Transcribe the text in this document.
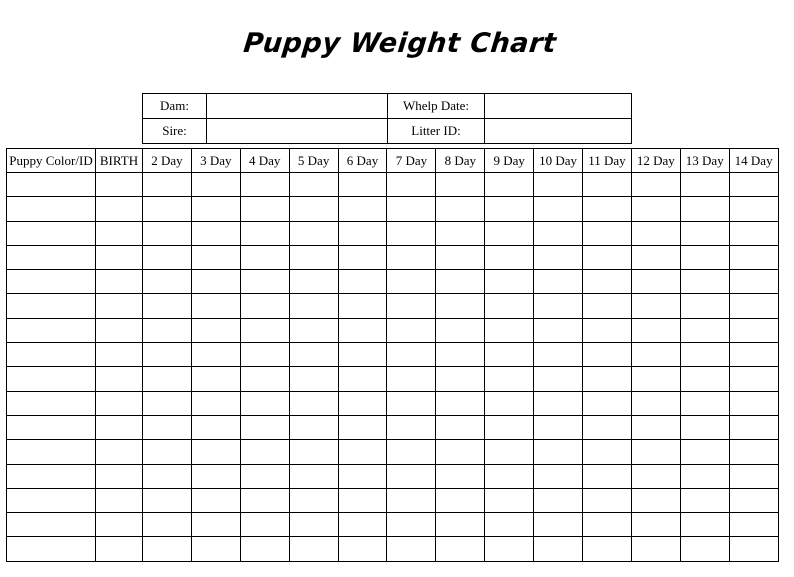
Puppy Weight Chart
Dam:		Whelp Date:	
Sire:		Litter ID:	
Puppy Color/ID	BIRTH	2 Day	3 Day	4 Day	5 Day	6 Day	7 Day	8 Day	9 Day	10 Day	11 Day	12 Day	13 Day	14 Day
